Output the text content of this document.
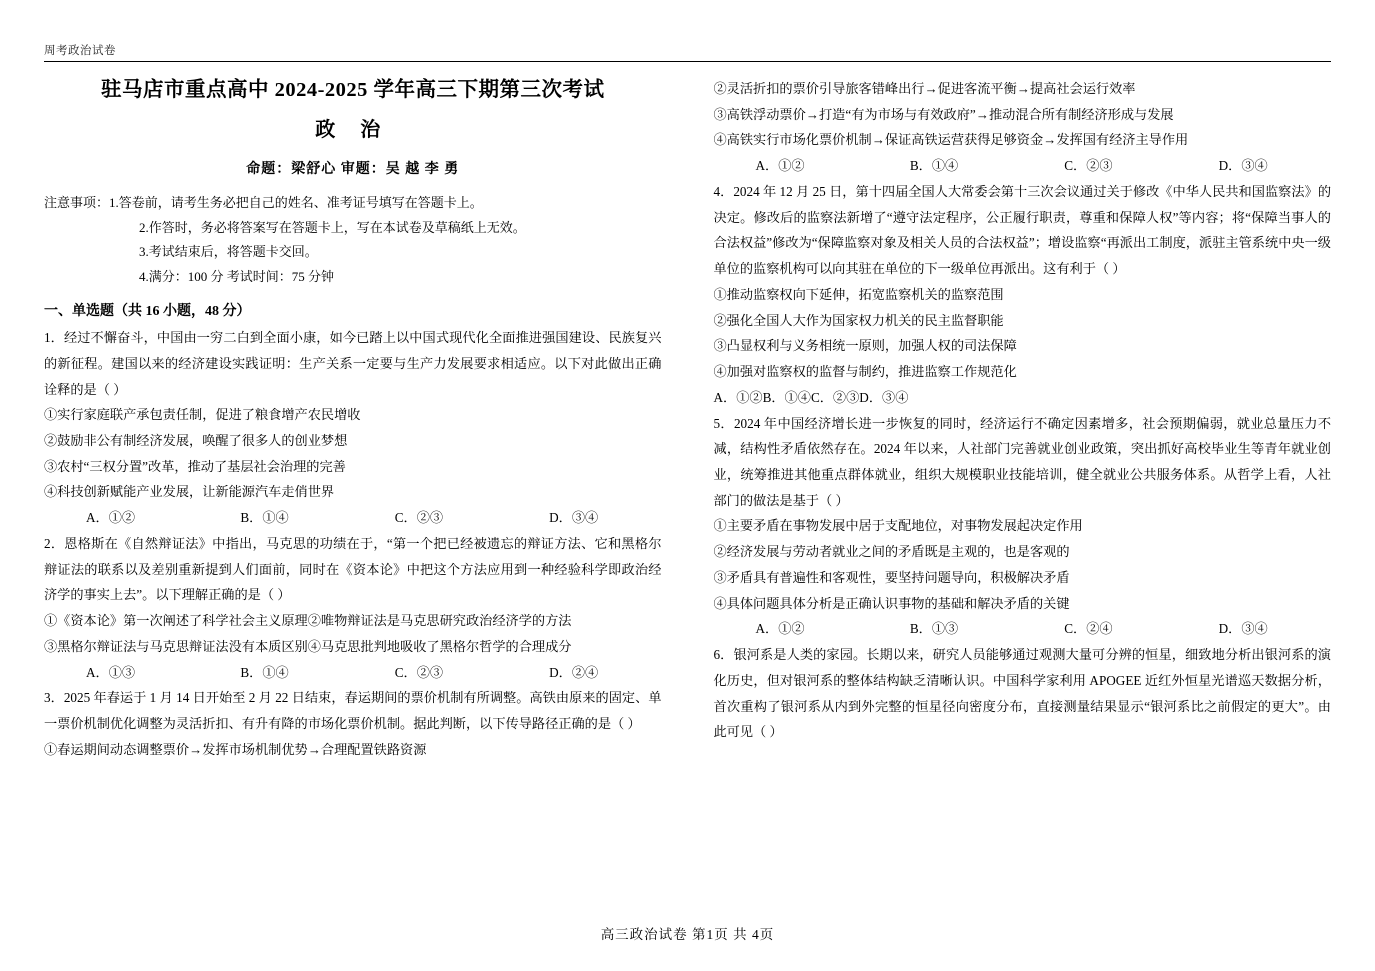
周考政治试卷
驻马店市重点高中 2024-2025 学年高三下期第三次考试
政 治
命题：梁舒心 审题：吴 越 李 勇
注意事项：1.答卷前，请考生务必把自己的姓名、准考证号填写在答题卡上。
2.作答时，务必将答案写在答题卡上，写在本试卷及草稿纸上无效。
3.考试结束后，将答题卡交回。
4.满分：100 分 考试时间：75 分钟
一、单选题（共 16 小题，48 分）
1．经过不懈奋斗，中国由一穷二白到全面小康，如今已踏上以中国式现代化全面推进强国建设、民族复兴的新征程。建国以来的经济建设实践证明：生产关系一定要与生产力发展要求相适应。以下对此做出正确诠释的是（ ）
①实行家庭联产承包责任制，促进了粮食增产农民增收
②鼓励非公有制经济发展，唤醒了很多人的创业梦想
③农村“三权分置”改革，推动了基层社会治理的完善
④科技创新赋能产业发展，让新能源汽车走俏世界
A．①②	B．①④	C．②③	D．③④
2．恩格斯在《自然辩证法》中指出，马克思的功绩在于，“第一个把已经被遗忘的辩证方法、它和黑格尔辩证法的联系以及差别重新提到人们面前，同时在《资本论》中把这个方法应用到一种经验科学即政治经济学的事实上去”。以下理解正确的是（ ）
①《资本论》第一次阐述了科学社会主义原理②唯物辩证法是马克思研究政治经济学的方法
③黑格尔辩证法与马克思辩证法没有本质区别④马克思批判地吸收了黑格尔哲学的合理成分
A．①③	B．①④	C．②③	D．②④
3．2025 年春运于 1 月 14 日开始至 2 月 22 日结束，春运期间的票价机制有所调整。高铁由原来的固定、单一票价机制优化调整为灵活折扣、有升有降的市场化票价机制。据此判断，以下传导路径正确的是（ ）
①春运期间动态调整票价→发挥市场机制优势→合理配置铁路资源
②灵活折扣的票价引导旅客错峰出行→促进客流平衡→提高社会运行效率
③高铁浮动票价→打造“有为市场与有效政府”→推动混合所有制经济形成与发展
④高铁实行市场化票价机制→保证高铁运营获得足够资金→发挥国有经济主导作用
A．①②	B．①④	C．②③	D．③④
4．2024 年 12 月 25 日，第十四届全国人大常委会第十三次会议通过关于修改《中华人民共和国监察法》的决定。修改后的监察法新增了“遵守法定程序，公正履行职责，尊重和保障人权”等内容；将“保障当事人的合法权益”修改为“保障监察对象及相关人员的合法权益”；增设监察“再派出工制度，派驻主管系统中央一级单位的监察机构可以向其驻在单位的下一级单位再派出。这有利于（ ）
①推动监察权向下延伸，拓宽监察机关的监察范围
②强化全国人大作为国家权力机关的民主监督职能
③凸显权利与义务相统一原则，加强人权的司法保障
④加强对监察权的监督与制约，推进监察工作规范化
A．①②B．①④C．②③D．③④
5．2024 年中国经济增长进一步恢复的同时，经济运行不确定因素增多，社会预期偏弱，就业总量压力不减，结构性矛盾依然存在。2024 年以来，人社部门完善就业创业政策，突出抓好高校毕业生等青年就业创业，统筹推进其他重点群体就业，组织大规模职业技能培训，健全就业公共服务体系。从哲学上看，人社部门的做法是基于（ ）
①主要矛盾在事物发展中居于支配地位，对事物发展起决定作用
②经济发展与劳动者就业之间的矛盾既是主观的，也是客观的
③矛盾具有普遍性和客观性，要坚持问题导向，积极解决矛盾
④具体问题具体分析是正确认识事物的基础和解决矛盾的关键
A．①②	B．①③	C．②④	D．③④
6．银河系是人类的家园。长期以来，研究人员能够通过观测大量可分辨的恒星，细致地分析出银河系的演化历史，但对银河系的整体结构缺乏清晰认识。中国科学家利用 APOGEE 近红外恒星光谱巡天数据分析，首次重构了银河系从内到外完整的恒星径向密度分布，直接测量结果显示“银河系比之前假定的更大”。由此可见（ ）
高三政治试卷 第1页 共 4页
